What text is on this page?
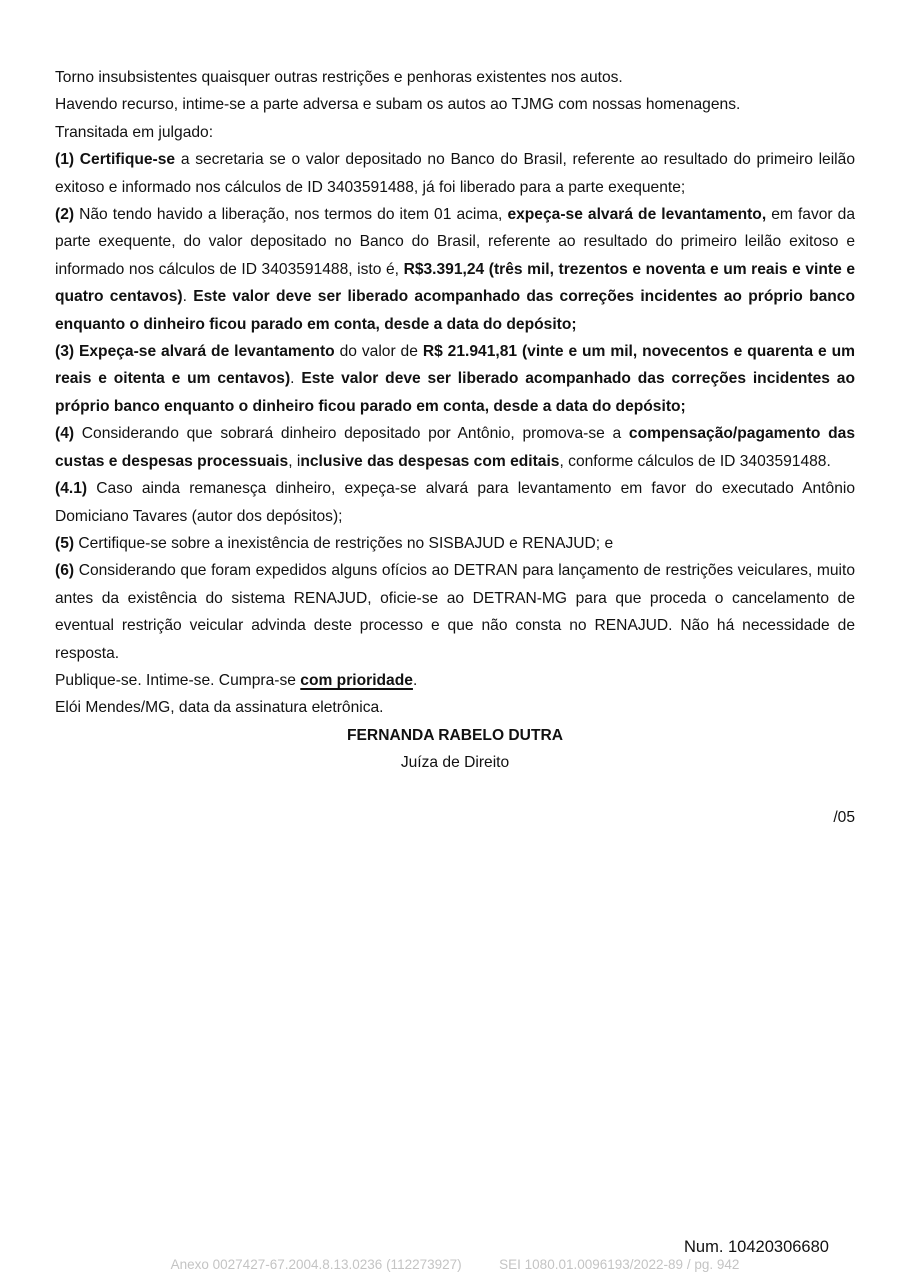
Torno insubsistentes quaisquer outras restrições e penhoras existentes nos autos.

Havendo recurso, intime-se a parte adversa e subam os autos ao TJMG com nossas homenagens.

Transitada em julgado:

(1) Certifique-se a secretaria se o valor depositado no Banco do Brasil, referente ao resultado do primeiro leilão exitoso e informado nos cálculos de ID 3403591488, já foi liberado para a parte exequente;

(2) Não tendo havido a liberação, nos termos do item 01 acima, expeça-se alvará de levantamento, em favor da parte exequente, do valor depositado no Banco do Brasil, referente ao resultado do primeiro leilão exitoso e informado nos cálculos de ID 3403591488, isto é, R$3.391,24 (três mil, trezentos e noventa e um reais e vinte e quatro centavos). Este valor deve ser liberado acompanhado das correções incidentes ao próprio banco enquanto o dinheiro ficou parado em conta, desde a data do depósito;

(3) Expeça-se alvará de levantamento do valor de R$ 21.941,81 (vinte e um mil, novecentos e quarenta e um reais e oitenta e um centavos). Este valor deve ser liberado acompanhado das correções incidentes ao próprio banco enquanto o dinheiro ficou parado em conta, desde a data do depósito;

(4) Considerando que sobrará dinheiro depositado por Antônio, promova-se a compensação/pagamento das custas e despesas processuais, inclusive das despesas com editais, conforme cálculos de ID 3403591488.

(4.1) Caso ainda remanesça dinheiro, expeça-se alvará para levantamento em favor do executado Antônio Domiciano Tavares (autor dos depósitos);

(5) Certifique-se sobre a inexistência de restrições no SISBAJUD e RENAJUD; e

(6) Considerando que foram expedidos alguns ofícios ao DETRAN para lançamento de restrições veiculares, muito antes da existência do sistema RENAJUD, oficie-se ao DETRAN-MG para que proceda o cancelamento de eventual restrição veicular advinda deste processo e que não consta no RENAJUD. Não há necessidade de resposta.

Publique-se. Intime-se. Cumpra-se com prioridade.

Elói Mendes/MG, data da assinatura eletrônica.

FERNANDA RABELO DUTRA

Juíza de Direito

/05

Num. 10420306680
Anexo 0027427-67.2004.8.13.0236 (112273927)	SEI 1080.01.0096193/2022-89 / pg. 942
